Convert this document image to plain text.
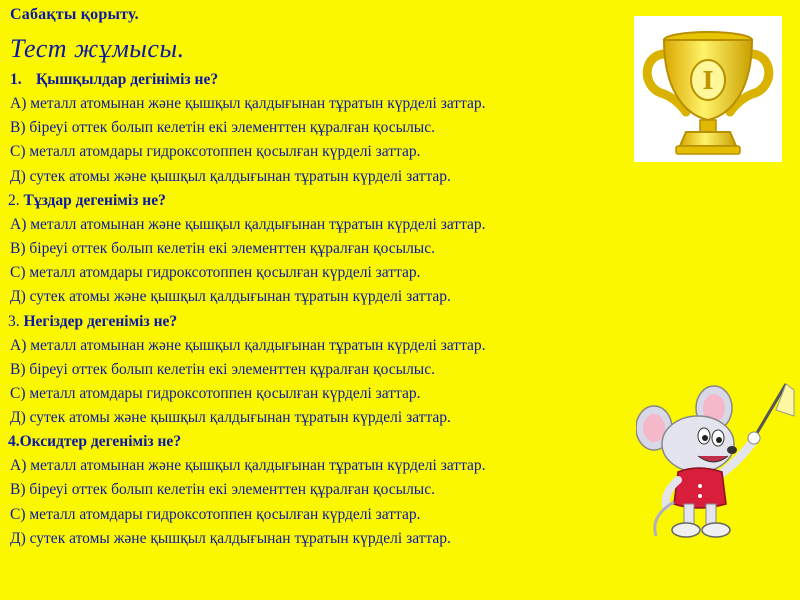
Сабақты қорыту.
Тест жұмысы.
1. Қышқылдар дегініміз не?
А) металл атомынан және қышқыл қалдығынан тұратын күрделі заттар.
В) біреуі оттек болып келетін екі элементтен құралған қосылыс.
С) металл атомдары гидроксотоппен қосылған күрделі заттар.
Д) сутек атомы және қышқыл қалдығынан тұратын күрделі заттар.
2. Тұздар дегеніміз не?
А) металл атомынан және қышқыл қалдығынан тұратын күрделі заттар.
В) біреуі оттек болып келетін екі элементтен құралған қосылыс.
С) металл атомдары гидроксотоппен қосылған күрделі заттар.
Д) сутек атомы және қышқыл қалдығынан тұратын күрделі заттар.
3. Негіздер дегеніміз не?
А) металл атомынан және қышқыл қалдығынан тұратын күрделі заттар.
В) біреуі оттек болып келетін екі элементтен құралған қосылыс.
С) металл атомдары гидроксотоппен қосылған күрделі заттар.
Д) сутек атомы және қышқыл қалдығынан тұратын күрделі заттар.
4.Оксидтер дегеніміз не?
А) металл атомынан және қышқыл қалдығынан тұратын күрделі заттар.
В) біреуі оттек болып келетін екі элементтен құралған қосылыс.
С) металл атомдары гидроксотоппен қосылған күрделі заттар.
Д) сутек атомы және қышқыл қалдығынан тұратын күрделі заттар.
I
